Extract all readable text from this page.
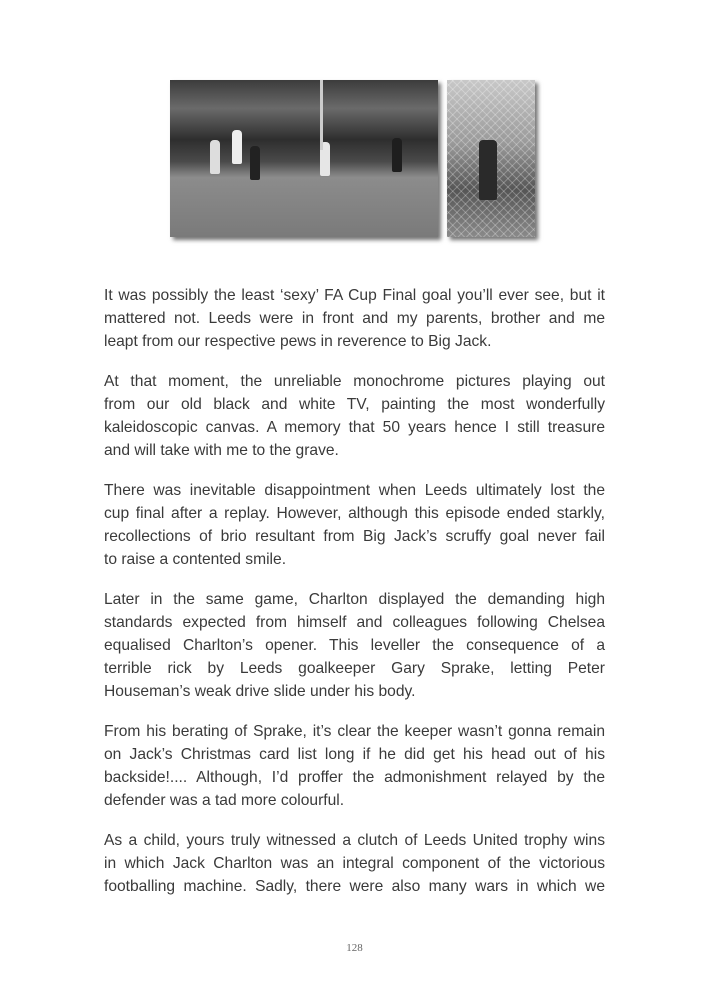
It was possibly the least ‘sexy’ FA Cup Final goal you’ll ever see, but it
mattered not. Leeds were in front and my parents, brother and me
leapt from our respective pews in reverence to Big Jack.
At that moment, the unreliable monochrome pictures playing out
from our old black and white TV, painting the most wonderfully
kaleidoscopic canvas. A memory that 50 years hence I still treasure
and will take with me to the grave.
There was inevitable disappointment when Leeds ultimately lost the
cup final after a replay. However, although this episode ended starkly,
recollections of brio resultant from Big Jack’s scruffy goal never fail
to raise a contented smile.
Later in the same game, Charlton displayed the demanding high
standards expected from himself and colleagues following Chelsea
equalised Charlton’s opener. This leveller the consequence of a
terrible rick by Leeds goalkeeper Gary Sprake, letting Peter
Houseman’s weak drive slide under his body.
From his berating of Sprake, it’s clear the keeper wasn’t gonna remain
on Jack’s Christmas card list long if he did get his head out of his
backside!.... Although, I’d proffer the admonishment relayed by the
defender was a tad more colourful.
As a child, yours truly witnessed a clutch of Leeds United trophy wins
in which Jack Charlton was an integral component of the victorious
footballing machine. Sadly, there were also many wars in which we
128
